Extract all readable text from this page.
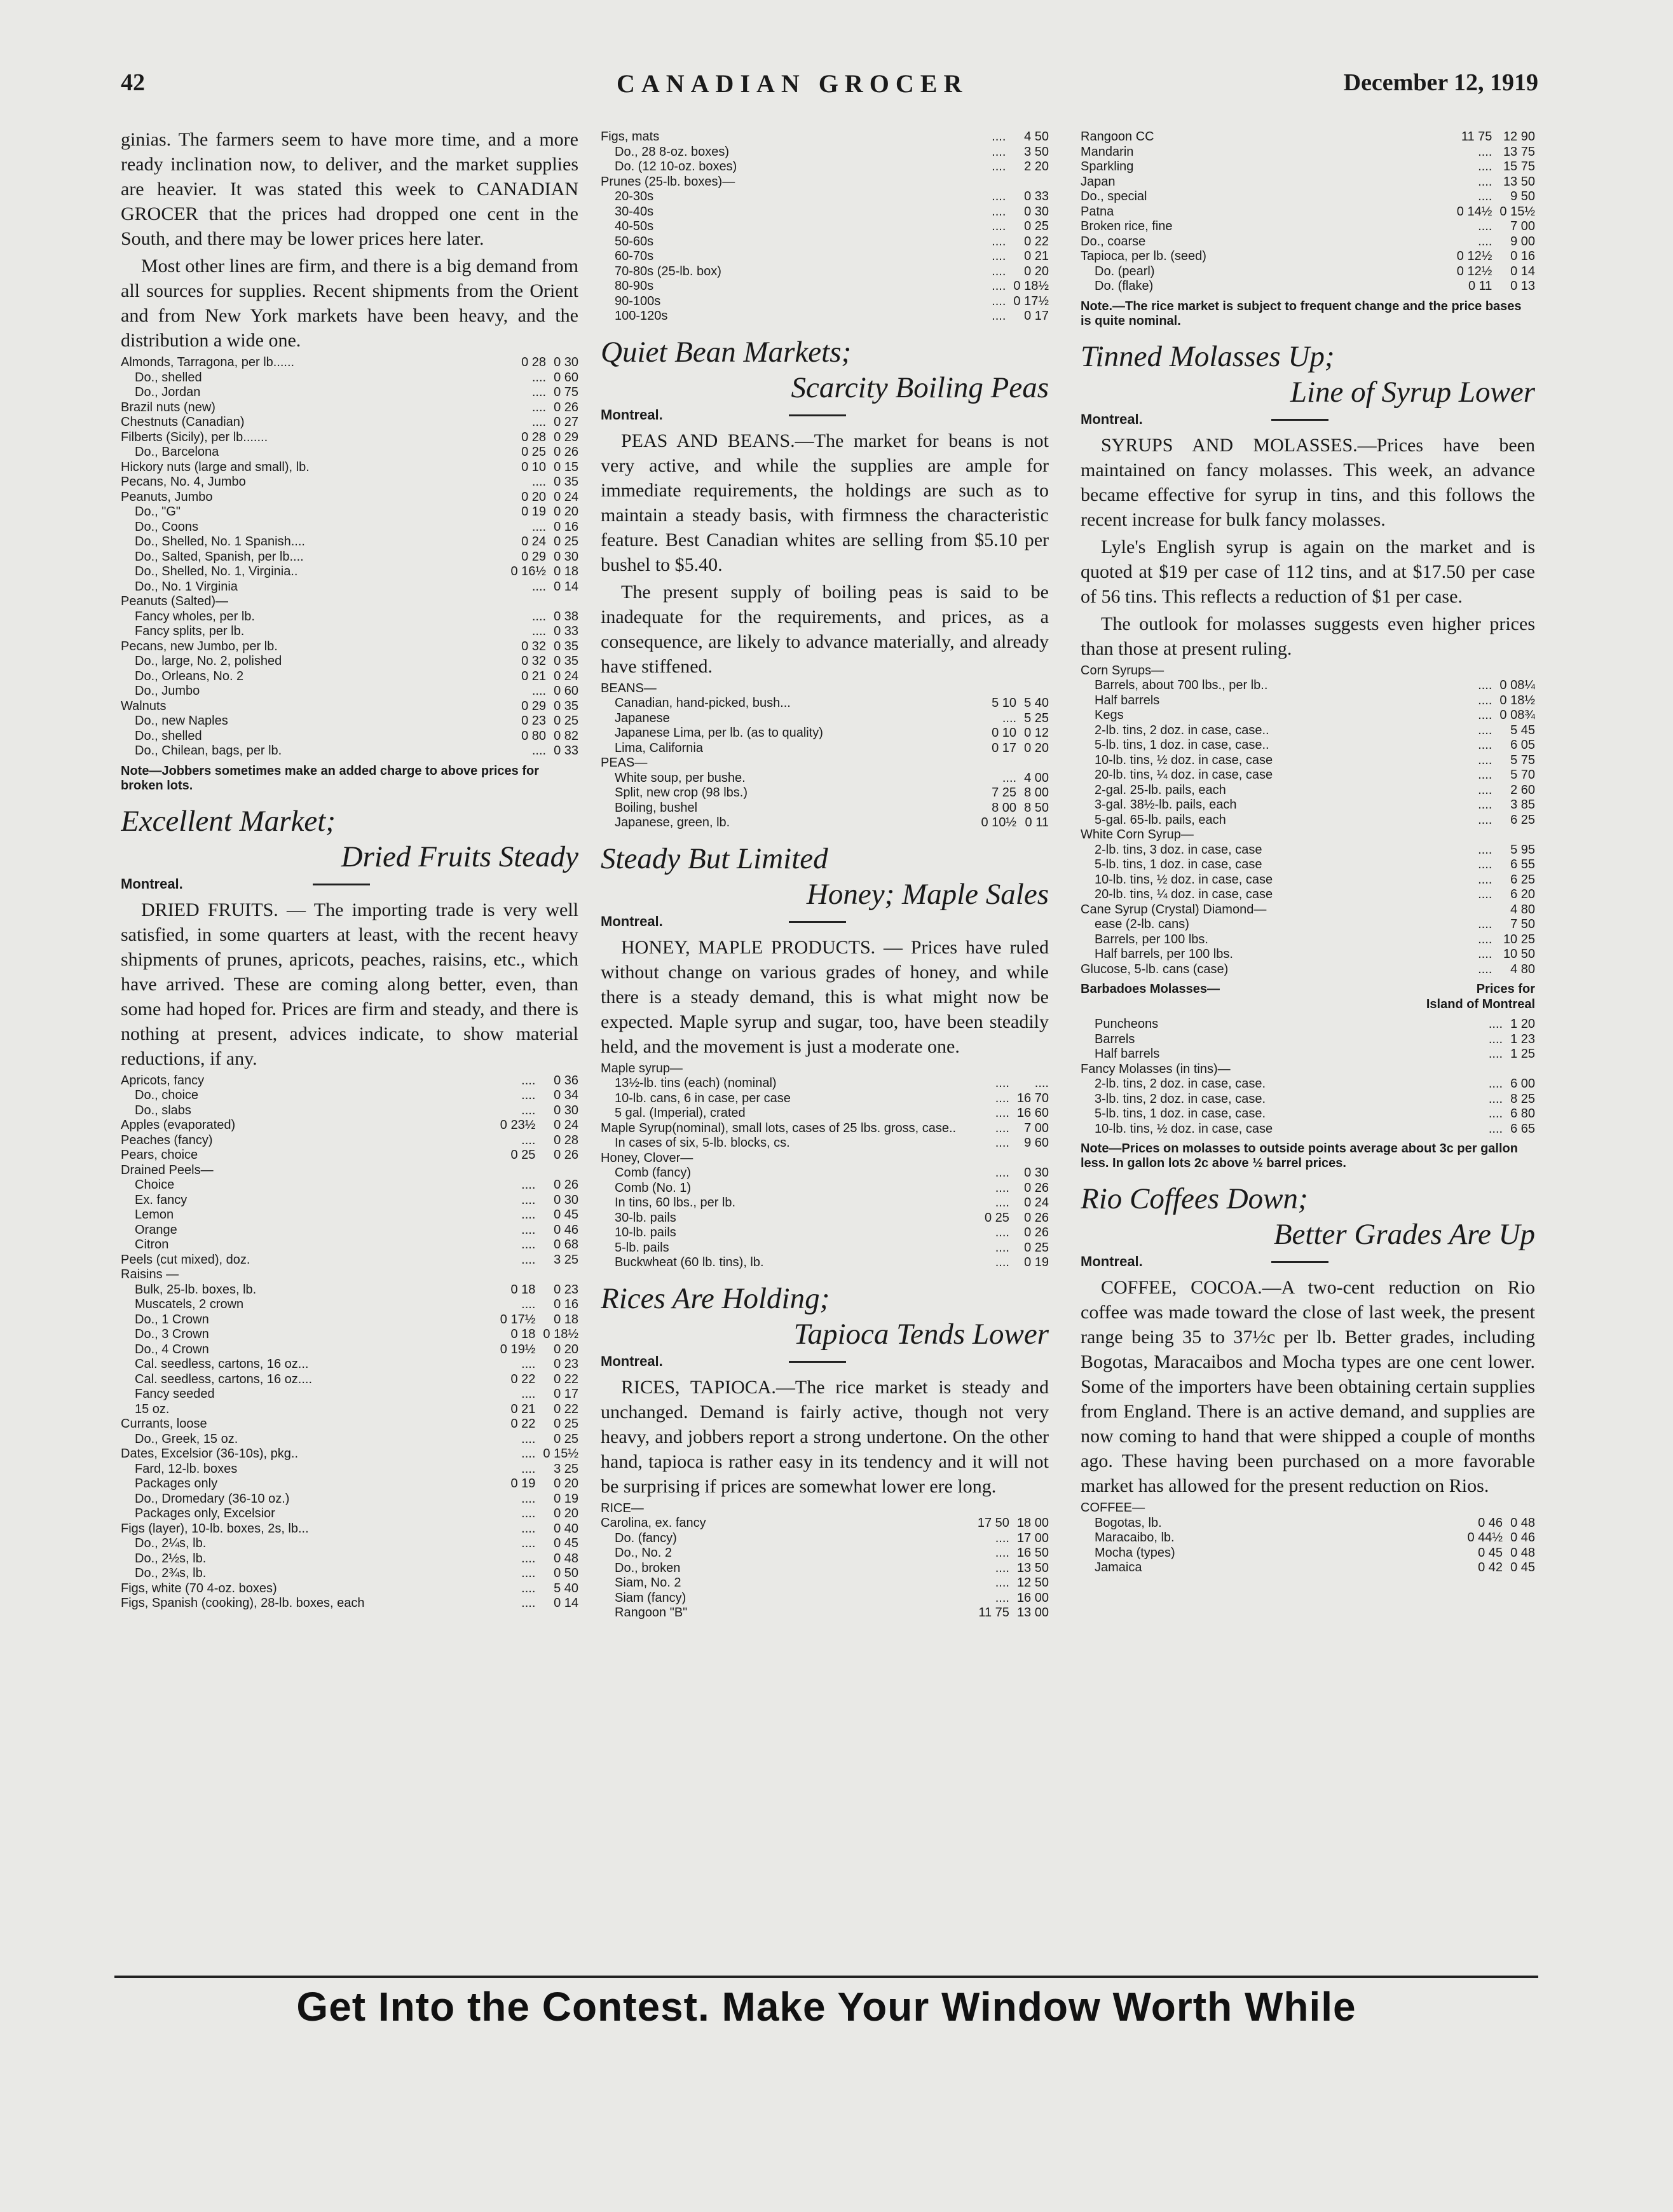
42	CANADIAN GROCER	December 12, 1919

ginias. The farmers seem to have more time, and a more ready inclination now, to deliver, and the market supplies are heavier. It was stated this week to CANADIAN GROCER that the prices had dropped one cent in the South, and there may be lower prices here later.

Most other lines are firm, and there is a big demand from all sources for supplies. Recent shipments from the Orient and from New York markets have been heavy, and the distribution a wide one.

Almonds, Tarragona, per lb......	0 28	0 30
Do., shelled	....	0 60
Do., Jordan	....	0 75
Brazil nuts (new)	....	0 26
Chestnuts (Canadian)	....	0 27
Filberts (Sicily), per lb.......	0 28	0 29
Do., Barcelona	0 25	0 26
Hickory nuts (large and small), lb.	0 10	0 15
Pecans, No. 4, Jumbo	....	0 35
Peanuts, Jumbo	0 20	0 24
Do., "G"	0 19	0 20
Do., Coons	....	0 16
Do., Shelled, No. 1 Spanish....	0 24	0 25
Do., Salted, Spanish, per lb....	0 29	0 30
Do., Shelled, No. 1, Virginia..	0 16½	0 18
Do., No. 1 Virginia	....	0 14
Peanuts (Salted)—		
Fancy wholes, per lb.	....	0 38
Fancy splits, per lb.	....	0 33
Pecans, new Jumbo, per lb.	0 32	0 35
Do., large, No. 2, polished	0 32	0 35
Do., Orleans, No. 2	0 21	0 24
Do., Jumbo	....	0 60
Walnuts	0 29	0 35
Do., new Naples	0 23	0 25
Do., shelled	0 80	0 82
Do., Chilean, bags, per lb.	....	0 33
Note—Jobbers sometimes make an added charge to above prices for broken lots.
Excellent Market;
Dried Fruits Steady
Montreal.

DRIED FRUITS. — The importing trade is very well satisfied, in some quarters at least, with the recent heavy shipments of prunes, apricots, peaches, raisins, etc., which have arrived. These are coming along better, even, than some had hoped for. Prices are firm and steady, and there is nothing at present, advices indicate, to show material reductions, if any.

Apricots, fancy	....	0 36
Do., choice	....	0 34
Do., slabs	....	0 30
Apples (evaporated)	0 23½	0 24
Peaches (fancy)	....	0 28
Pears, choice	0 25	0 26
Drained Peels—		
Choice	....	0 26
Ex. fancy	....	0 30
Lemon	....	0 45
Orange	....	0 46
Citron	....	0 68
Peels (cut mixed), doz.	....	3 25
Raisins —		
Bulk, 25-lb. boxes, lb.	0 18	0 23
Muscatels, 2 crown	....	0 16
Do., 1 Crown	0 17½	0 18
Do., 3 Crown	0 18	0 18½
Do., 4 Crown	0 19½	0 20
Cal. seedless, cartons, 16 oz...	....	0 23
Cal. seedless, cartons, 16 oz....	0 22	0 22
Fancy seeded	....	0 17
15 oz.	0 21	0 22
Currants, loose	0 22	0 25
Do., Greek, 15 oz.	....	0 25
Dates, Excelsior (36-10s), pkg..	....	0 15½
Fard, 12-lb. boxes	....	3 25
Packages only	0 19	0 20
Do., Dromedary (36-10 oz.)	....	0 19
Packages only, Excelsior	....	0 20
Figs (layer), 10-lb. boxes, 2s, lb...	....	0 40
Do., 2¼s, lb.	....	0 45
Do., 2½s, lb.	....	0 48
Do., 2¾s, lb.	....	0 50
Figs, white (70 4-oz. boxes)	....	5 40
Figs, Spanish (cooking), 28-lb. boxes, each	....	0 14
Figs, mats	....	4 50
Do., 28 8-oz. boxes)	....	3 50
Do. (12 10-oz. boxes)	....	2 20
Prunes (25-lb. boxes)—		
20-30s	....	0 33
30-40s	....	0 30
40-50s	....	0 25
50-60s	....	0 22
60-70s	....	0 21
70-80s (25-lb. box)	....	0 20
80-90s	....	0 18½
90-100s	....	0 17½
100-120s	....	0 17
Quiet Bean Markets;
Scarcity Boiling Peas
Montreal.

PEAS AND BEANS.—The market for beans is not very active, and while the supplies are ample for immediate requirements, the holdings are such as to maintain a steady basis, with firmness the characteristic feature. Best Canadian whites are selling from $5.10 per bushel to $5.40.

The present supply of boiling peas is said to be inadequate for the requirements, and prices, as a consequence, are likely to advance materially, and already have stiffened.

BEANS—		
Canadian, hand-picked, bush...	5 10	5 40
Japanese	....	5 25
Japanese Lima, per lb. (as to quality)	0 10	0 12
Lima, California	0 17	0 20
PEAS—		
White soup, per bushe.	....	4 00
Split, new crop (98 lbs.)	7 25	8 00
Boiling, bushel	8 00	8 50
Japanese, green, lb.	0 10½	0 11
Steady But Limited
Honey; Maple Sales
Montreal.

HONEY, MAPLE PRODUCTS. — Prices have ruled without change on various grades of honey, and while there is a steady demand, this is what might now be expected. Maple syrup and sugar, too, have been steadily held, and the movement is just a moderate one.

Maple syrup—		
13½-lb. tins (each) (nominal)	....	....
10-lb. cans, 6 in case, per case	....	16 70
5 gal. (Imperial), crated	....	16 60
Maple Syrup(nominal), small lots, cases of 25 lbs. gross, case..	....	7 00
In cases of six, 5-lb. blocks, cs.	....	9 60
Honey, Clover—		
Comb (fancy)	....	0 30
Comb (No. 1)	....	0 26
In tins, 60 lbs., per lb.	....	0 24
30-lb. pails	0 25	0 26
10-lb. pails	....	0 26
5-lb. pails	....	0 25
Buckwheat (60 lb. tins), lb.	....	0 19
Rices Are Holding;
Tapioca Tends Lower
Montreal.

RICES, TAPIOCA.—The rice market is steady and unchanged. Demand is fairly active, though not very heavy, and jobbers report a strong undertone. On the other hand, tapioca is rather easy in its tendency and it will not be surprising if prices are somewhat lower ere long.

RICE—		
Carolina, ex. fancy	17 50	18 00
Do. (fancy)	....	17 00
Do., No. 2	....	16 50
Do., broken	....	13 50
Siam, No. 2	....	12 50
Siam (fancy)	....	16 00
Rangoon "B"	11 75	13 00
Rangoon CC	11 75	12 90
Mandarin	....	13 75
Sparkling	....	15 75
Japan	....	13 50
Do., special	....	9 50
Patna	0 14½	0 15½
Broken rice, fine	....	7 00
Do., coarse	....	9 00
Tapioca, per lb. (seed)	0 12½	0 16
Do. (pearl)	0 12½	0 14
Do. (flake)	0 11	0 13
Note.—The rice market is subject to frequent change and the price bases is quite nominal.
Tinned Molasses Up;
Line of Syrup Lower
Montreal.

SYRUPS AND MOLASSES.—Prices have been maintained on fancy molasses. This week, an advance became effective for syrup in tins, and this follows the recent increase for bulk fancy molasses.

Lyle's English syrup is again on the market and is quoted at $19 per case of 112 tins, and at $17.50 per case of 56 tins. This reflects a reduction of $1 per case.

The outlook for molasses suggests even higher prices than those at present ruling.

Corn Syrups—		
Barrels, about 700 lbs., per lb..	....	0 08¼
Half barrels	....	0 18½
Kegs	....	0 08¾
2-lb. tins, 2 doz. in case, case..	....	5 45
5-lb. tins, 1 doz. in case, case..	....	6 05
10-lb. tins, ½ doz. in case, case	....	5 75
20-lb. tins, ¼ doz. in case, case	....	5 70
2-gal. 25-lb. pails, each	....	2 60
3-gal. 38½-lb. pails, each	....	3 85
5-gal. 65-lb. pails, each	....	6 25
White Corn Syrup—		
2-lb. tins, 3 doz. in case, case	....	5 95
5-lb. tins, 1 doz. in case, case	....	6 55
10-lb. tins, ½ doz. in case, case	....	6 25
20-lb. tins, ¼ doz. in case, case	....	6 20
Cane Syrup (Crystal) Diamond—		4 80
ease (2-lb. cans)	....	7 50
Barrels, per 100 lbs.	....	10 25
Half barrels, per 100 lbs.	....	10 50
Glucose, 5-lb. cans (case)	....	4 80
Barbadoes Molasses—	Prices for
	Island of Montreal
Puncheons	....	1 20
Barrels	....	1 23
Half barrels	....	1 25
Fancy Molasses (in tins)—		
2-lb. tins, 2 doz. in case, case.	....	6 00
3-lb. tins, 2 doz. in case, case.	....	8 25
5-lb. tins, 1 doz. in case, case.	....	6 80
10-lb. tins, ½ doz. in case, case	....	6 65
Note—Prices on molasses to outside points average about 3c per gallon less. In gallon lots 2c above ½ barrel prices.
Rio Coffees Down;
Better Grades Are Up
Montreal.

COFFEE, COCOA.—A two-cent reduction on Rio coffee was made toward the close of last week, the present range being 35 to 37½c per lb. Better grades, including Bogotas, Maracaibos and Mocha types are one cent lower. Some of the importers have been obtaining certain supplies from England. There is an active demand, and supplies are now coming to hand that were shipped a couple of months ago. These having been purchased on a more favorable market has allowed for the present reduction on Rios.

COFFEE—		
Bogotas, lb.	0 46	0 48
Maracaibo, lb.	0 44½	0 46
Mocha (types)	0 45	0 48
Jamaica	0 42	0 45
Get Into the Contest. Make Your Window Worth While
